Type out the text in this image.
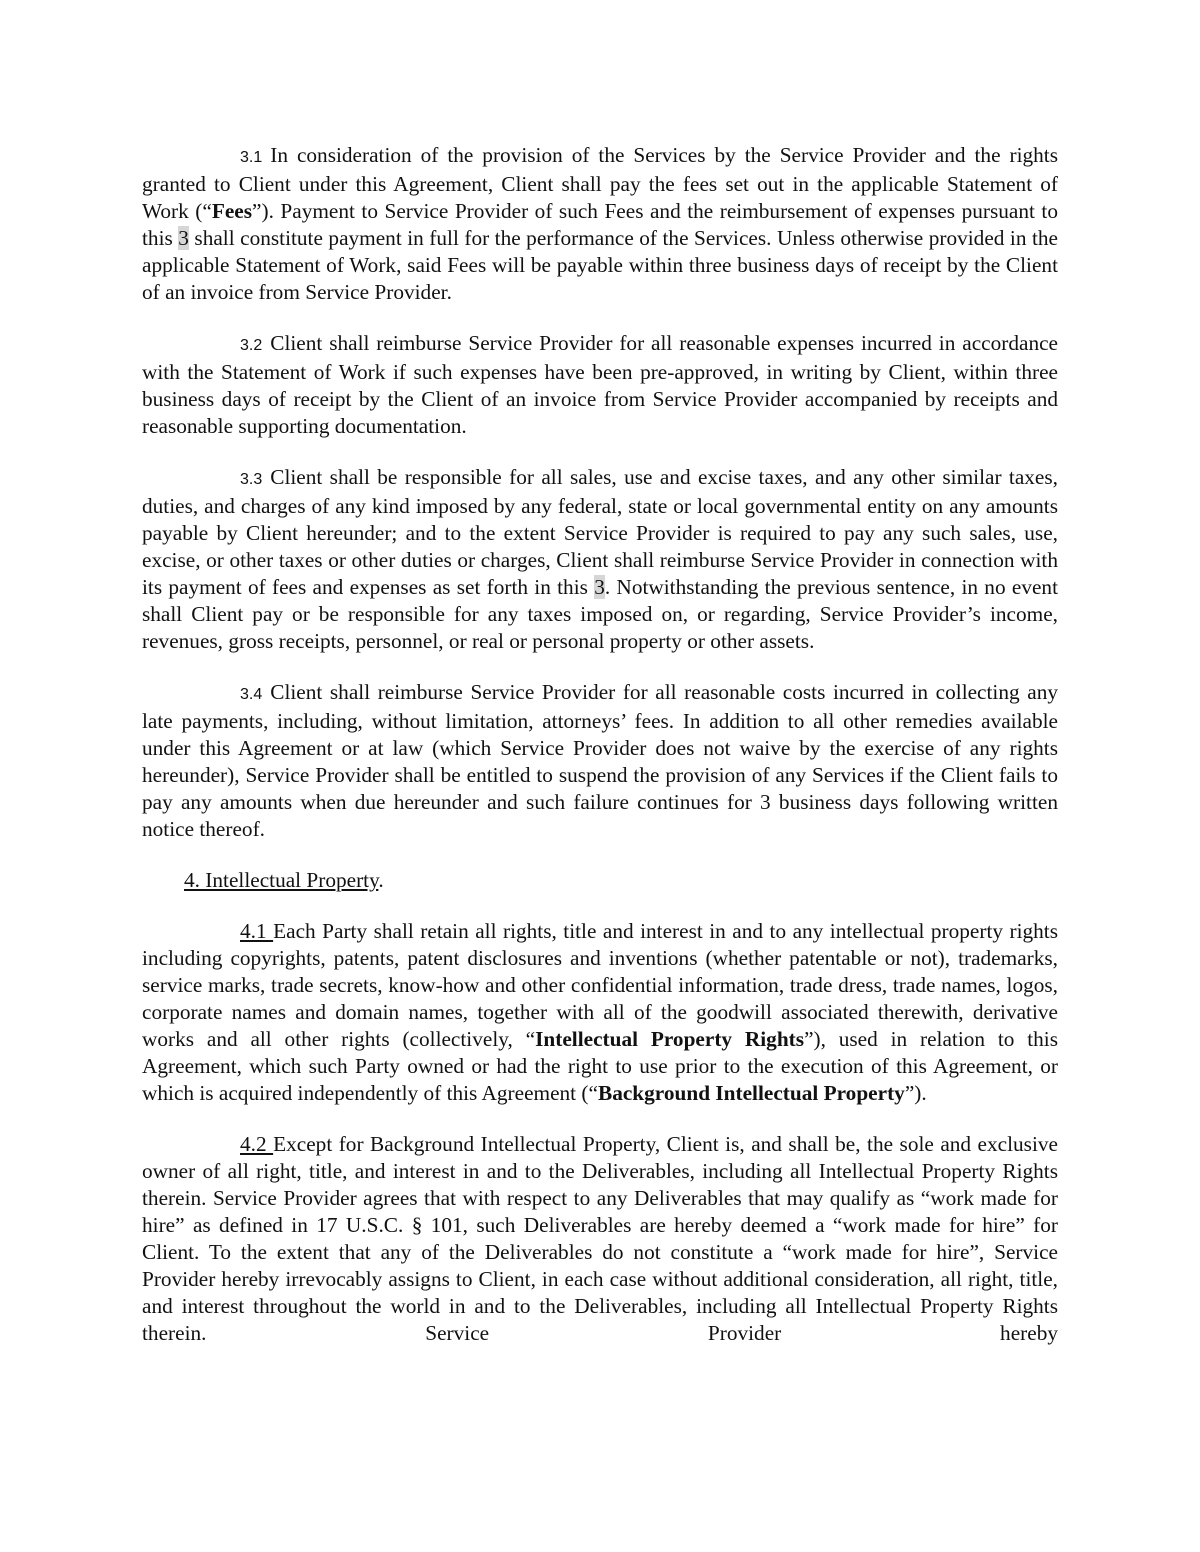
3.1 In consideration of the provision of the Services by the Service Provider and the rights granted to Client under this Agreement, Client shall pay the fees set out in the applicable Statement of Work (“Fees”). Payment to Service Provider of such Fees and the reimbursement of expenses pursuant to this 3 shall constitute payment in full for the performance of the Services. Unless otherwise provided in the applicable Statement of Work, said Fees will be payable within three business days of receipt by the Client of an invoice from Service Provider.

3.2 Client shall reimburse Service Provider for all reasonable expenses incurred in accordance with the Statement of Work if such expenses have been pre-approved, in writing by Client, within three business days of receipt by the Client of an invoice from Service Provider accompanied by receipts and reasonable supporting documentation.

3.3 Client shall be responsible for all sales, use and excise taxes, and any other similar taxes, duties, and charges of any kind imposed by any federal, state or local governmental entity on any amounts payable by Client hereunder; and to the extent Service Provider is required to pay any such sales, use, excise, or other taxes or other duties or charges, Client shall reimburse Service Provider in connection with its payment of fees and expenses as set forth in this 3. Notwithstanding the previous sentence, in no event shall Client pay or be responsible for any taxes imposed on, or regarding, Service Provider’s income, revenues, gross receipts, personnel, or real or personal property or other assets.

3.4 Client shall reimburse Service Provider for all reasonable costs incurred in collecting any late payments, including, without limitation, attorneys’ fees. In addition to all other remedies available under this Agreement or at law (which Service Provider does not waive by the exercise of any rights hereunder), Service Provider shall be entitled to suspend the provision of any Services if the Client fails to pay any amounts when due hereunder and such failure continues for 3 business days following written notice thereof.

4. Intellectual Property.

4.1 Each Party shall retain all rights, title and interest in and to any intellectual property rights including copyrights, patents, patent disclosures and inventions (whether patentable or not), trademarks, service marks, trade secrets, know-how and other confidential information, trade dress, trade names, logos, corporate names and domain names, together with all of the goodwill associated therewith, derivative works and all other rights (collectively, “Intellectual Property Rights”), used in relation to this Agreement, which such Party owned or had the right to use prior to the execution of this Agreement, or which is acquired independently of this Agreement (“Background Intellectual Property”).

4.2 Except for Background Intellectual Property, Client is, and shall be, the sole and exclusive owner of all right, title, and interest in and to the Deliverables, including all Intellectual Property Rights therein. Service Provider agrees that with respect to any Deliverables that may qualify as “work made for hire” as defined in 17 U.S.C. § 101, such Deliverables are hereby deemed a “work made for hire” for Client. To the extent that any of the Deliverables do not constitute a “work made for hire”, Service Provider hereby irrevocably assigns to Client, in each case without additional consideration, all right, title, and interest throughout the world in and to the Deliverables, including all Intellectual Property Rights therein. Service Provider hereby
